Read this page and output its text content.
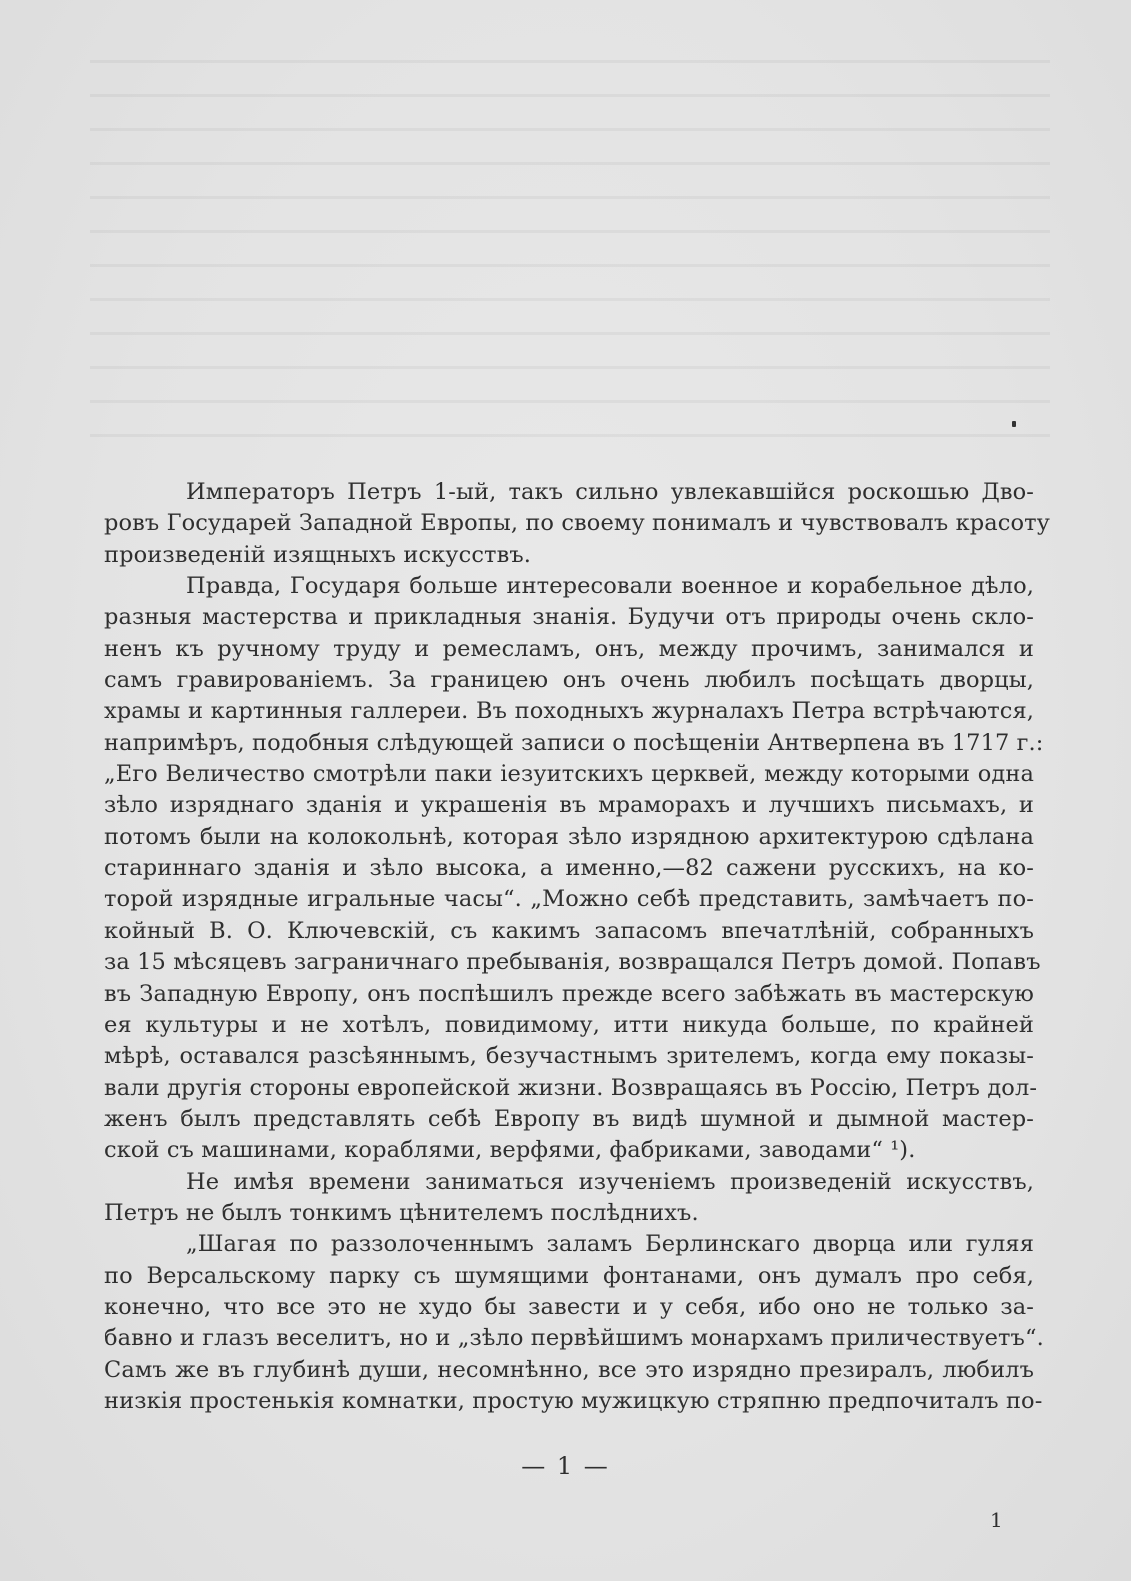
Императоръ Петръ 1-ый, такъ сильно увлекавшійся роскошью Дво-
ровъ Государей Западной Европы, по своему понималъ и чувствовалъ красоту
произведеній изящныхъ искусствъ.
Правда, Государя больше интересовали военное и корабельное дѣло,
разныя мастерства и прикладныя знанія. Будучи отъ природы очень скло-
ненъ къ ручному труду и ремесламъ, онъ, между прочимъ, занимался и
самъ гравированіемъ. За границею онъ очень любилъ посѣщать дворцы,
храмы и картинныя галлереи. Въ походныхъ журналахъ Петра встрѣчаются,
напримѣръ, подобныя слѣдующей записи о посѣщеніи Антверпена въ 1717 г.:
„Его Величество смотрѣли паки іезуитскихъ церквей, между которыми одна
зѣло изряднаго зданія и украшенія въ мраморахъ и лучшихъ письмахъ, и
потомъ были на колокольнѣ, которая зѣло изрядною архитектурою сдѣлана
стариннаго зданія и зѣло высока, а именно,—82 сажени русскихъ, на ко-
торой изрядные игральные часы“. „Можно себѣ представить, замѣчаетъ по-
койный В. О. Ключевскій, съ какимъ запасомъ впечатлѣній, собранныхъ
за 15 мѣсяцевъ заграничнаго пребыванія, возвращался Петръ домой. Попавъ
въ Западную Европу, онъ поспѣшилъ прежде всего забѣжать въ мастерскую
ея культуры и не хотѣлъ, повидимому, итти никуда больше, по крайней
мѣрѣ, оставался разсѣяннымъ, безучастнымъ зрителемъ, когда ему показы-
вали другія стороны европейской жизни. Возвращаясь въ Россію, Петръ дол-
женъ былъ представлять себѣ Европу въ видѣ шумной и дымной мастер-
ской съ машинами, кораблями, верфями, фабриками, заводами“ ¹).
Не имѣя времени заниматься изученіемъ произведеній искусствъ,
Петръ не былъ тонкимъ цѣнителемъ послѣднихъ.
„Шагая по раззолоченнымъ заламъ Берлинскаго дворца или гуляя
по Версальскому парку съ шумящими фонтанами, онъ думалъ про себя,
конечно, что все это не худо бы завести и у себя, ибо оно не только за-
бавно и глазъ веселитъ, но и „зѣло первѣйшимъ монархамъ приличествуетъ“.
Самъ же въ глубинѣ души, несомнѣнно, все это изрядно презиралъ, любилъ
низкія простенькія комнатки, простую мужицкую стряпню предпочиталъ по-
— 1 —
1
